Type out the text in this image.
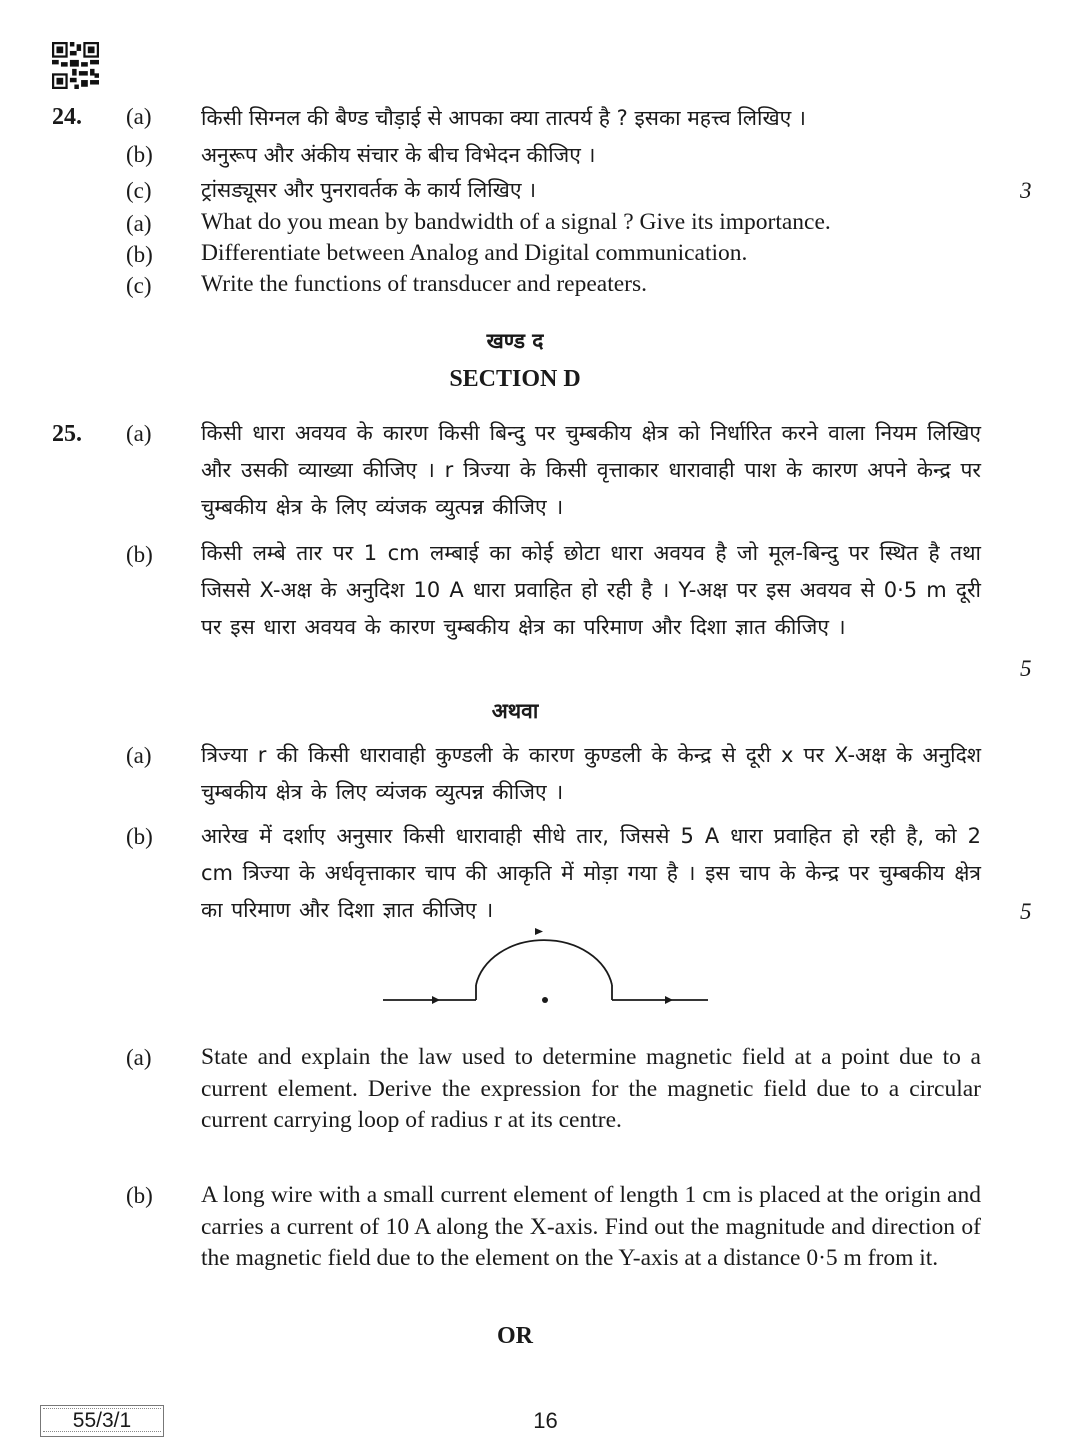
24. (a) किसी सिग्नल की बैण्ड चौड़ाई से आपका क्या तात्पर्य है ? इसका महत्त्व लिखिए ।
(b) अनुरूप और अंकीय संचार के बीच विभेदन कीजिए ।
(c) ट्रांसड्यूसर और पुनरावर्तक के कार्य लिखिए ।	3
(a) What do you mean by bandwidth of a signal ? Give its importance.
(b) Differentiate between Analog and Digital communication.
(c) Write the functions of transducer and repeaters.
खण्ड द
SECTION D
25. (a) किसी धारा अवयव के कारण किसी बिन्दु पर चुम्बकीय क्षेत्र को निर्धारित करने वाला नियम लिखिए और उसकी व्याख्या कीजिए । r त्रिज्या के किसी वृत्ताकार धारावाही पाश के कारण अपने केन्द्र पर चुम्बकीय क्षेत्र के लिए व्यंजक व्युत्पन्न कीजिए ।
(b) किसी लम्बे तार पर 1 cm लम्बाई का कोई छोटा धारा अवयव है जो मूल-बिन्दु पर स्थित है तथा जिससे X-अक्ष के अनुदिश 10 A धारा प्रवाहित हो रही है । Y-अक्ष पर इस अवयव से 0·5 m दूरी पर इस धारा अवयव के कारण चुम्बकीय क्षेत्र का परिमाण और दिशा ज्ञात कीजिए ।
5
अथवा
(a) त्रिज्या r की किसी धारावाही कुण्डली के कारण कुण्डली के केन्द्र से दूरी x पर X-अक्ष के अनुदिश चुम्बकीय क्षेत्र के लिए व्यंजक व्युत्पन्न कीजिए ।
(b) आरेख में दर्शाए अनुसार किसी धारावाही सीधे तार, जिससे 5 A धारा प्रवाहित हो रही है, को 2 cm त्रिज्या के अर्धवृत्ताकार चाप की आकृति में मोड़ा गया है । इस चाप के केन्द्र पर चुम्बकीय क्षेत्र का परिमाण और दिशा ज्ञात कीजिए ।	5
(a) State and explain the law used to determine magnetic field at a point due to a current element. Derive the expression for the magnetic field due to a circular current carrying loop of radius r at its centre.
(b) A long wire with a small current element of length 1 cm is placed at the origin and carries a current of 10 A along the X-axis. Find out the magnitude and direction of the magnetic field due to the element on the Y-axis at a distance 0·5 m from it.
OR
55/3/1	16
